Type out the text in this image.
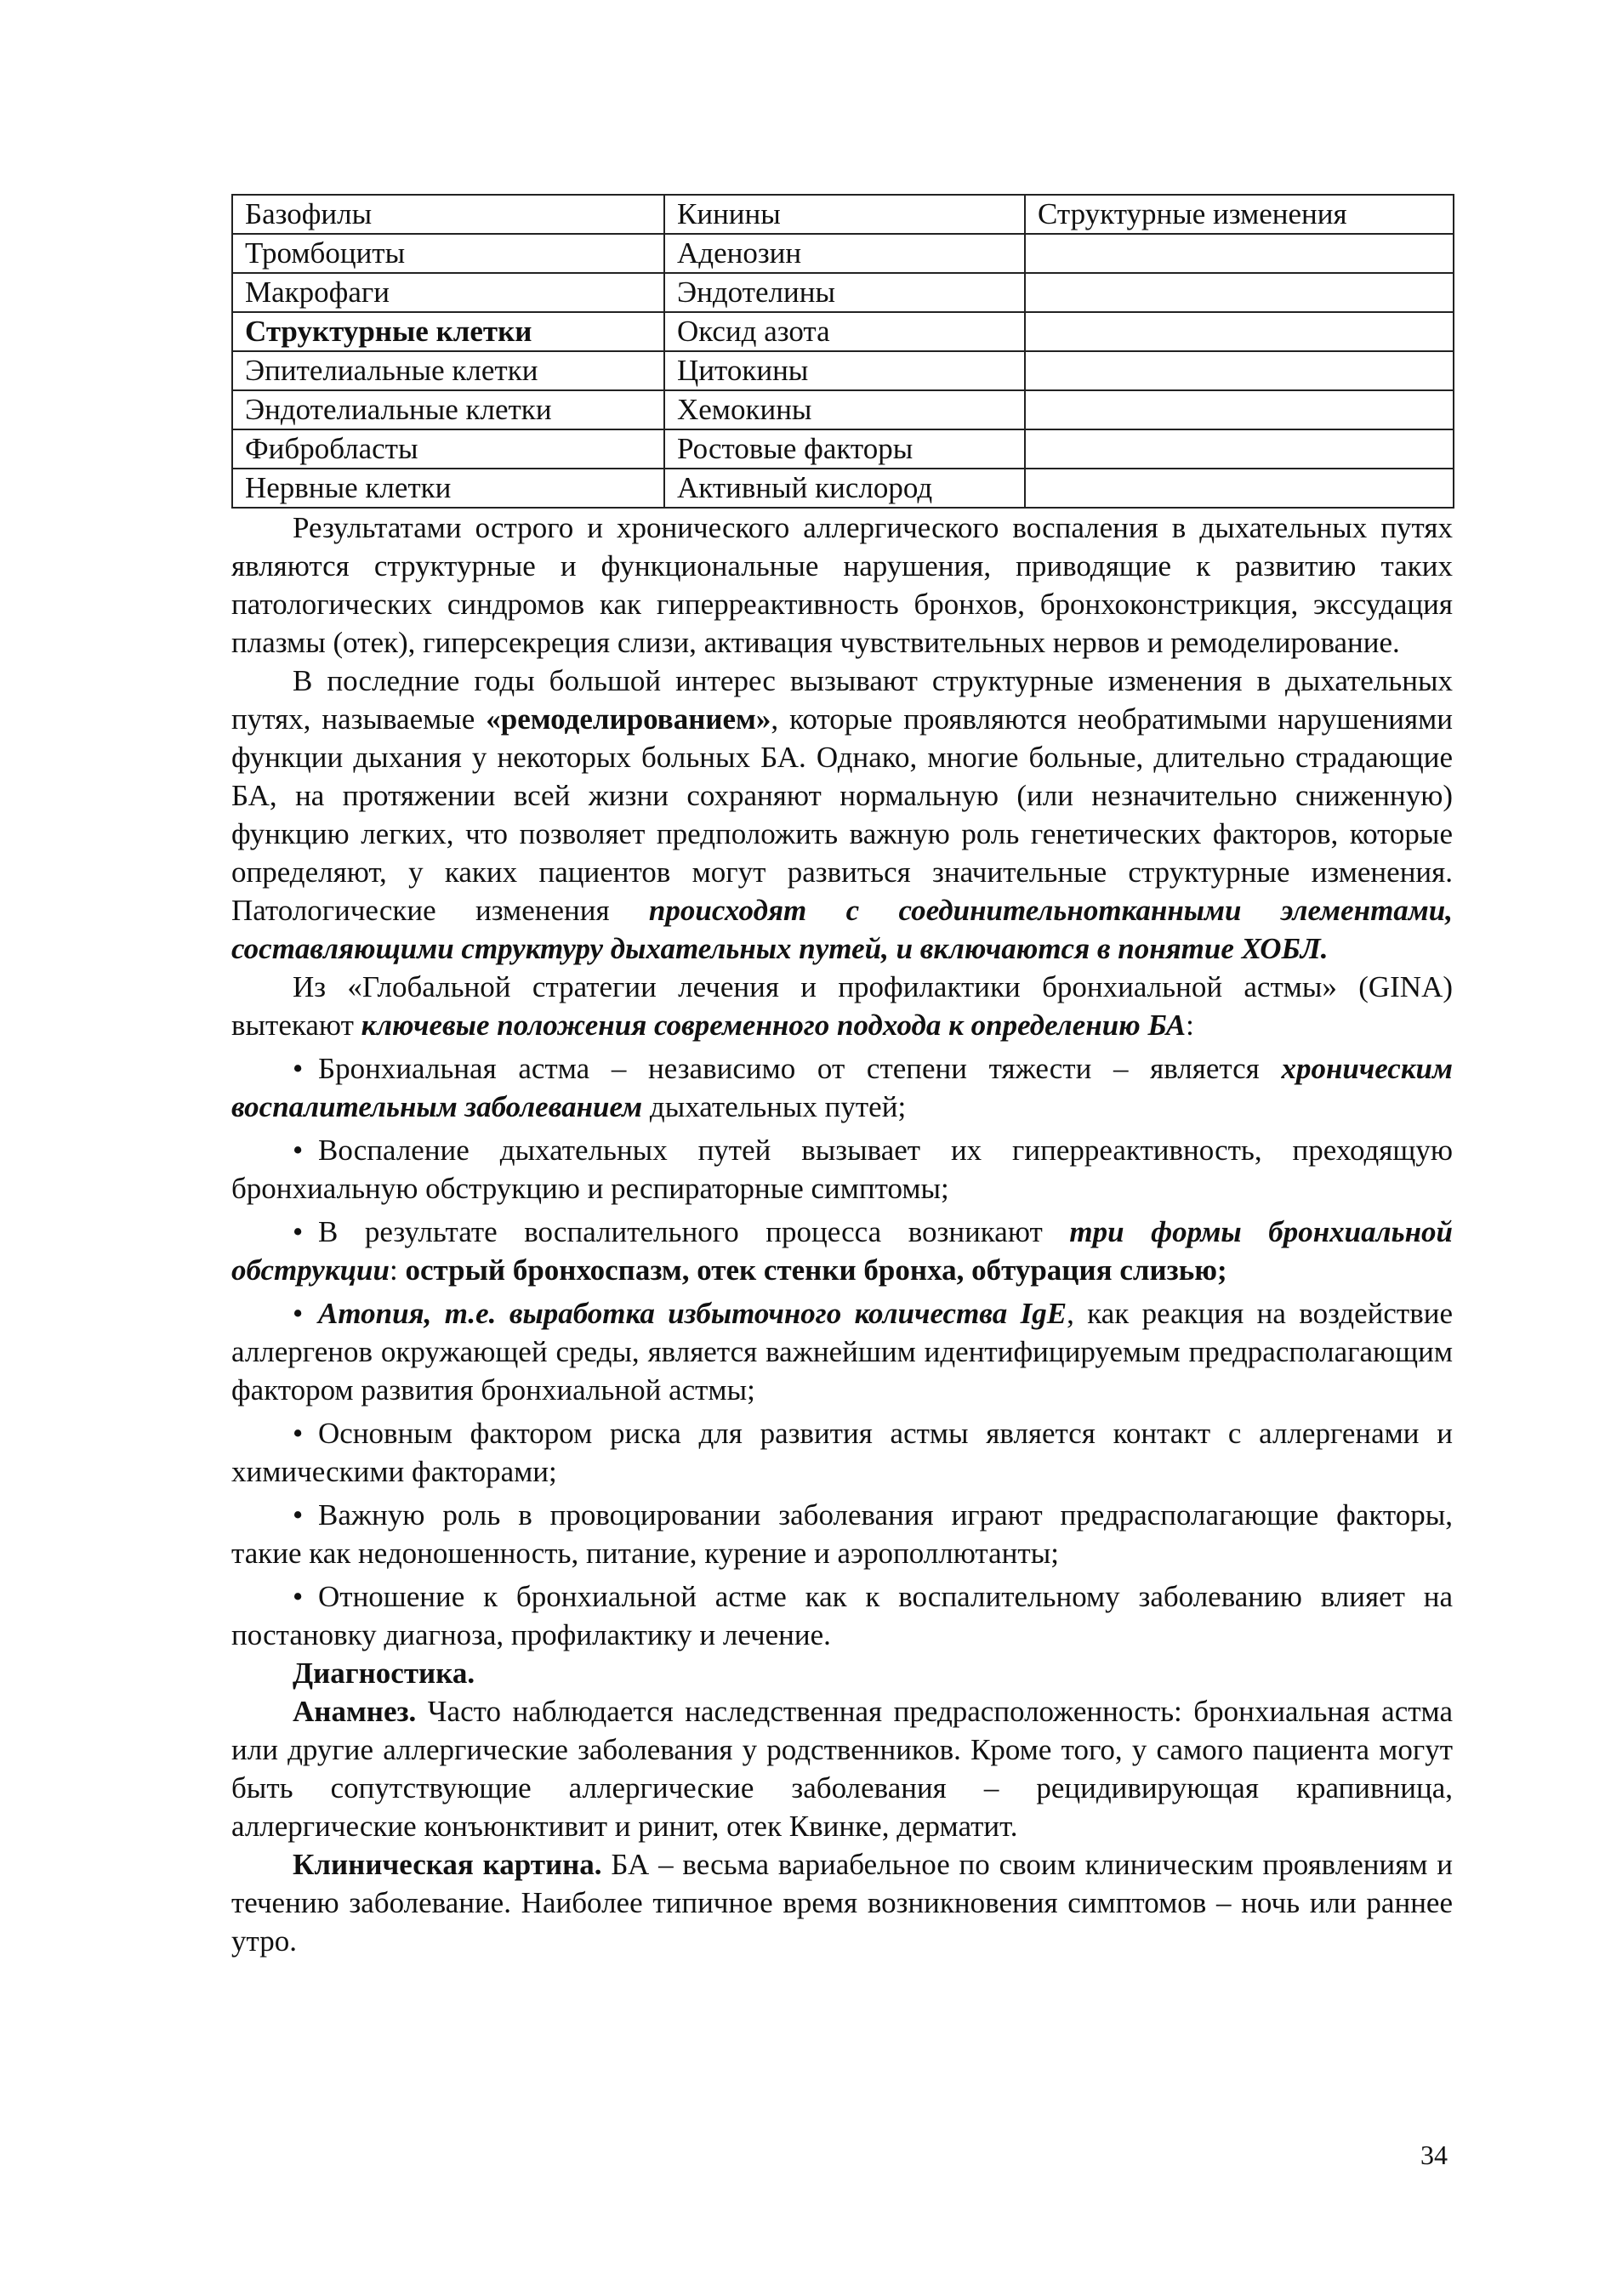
Базофилы	Кинины	Структурные изменения
Тромбоциты	Аденозин	
Макрофаги	Эндотелины	
Структурные клетки	Оксид азота	
Эпителиальные клетки	Цитокины	
Эндотелиальные клетки	Хемокины	
Фибробласты	Ростовые факторы	
Нервные клетки	Активный кислород	

Результатами острого и хронического аллергического воспаления в дыхательных путях являются структурные и функциональные нарушения, приводящие к развитию таких патологических синдромов как гиперреактивность бронхов, бронхоконстрикция, экссудация плазмы (отек), гиперсекреция слизи, активация чувствительных нервов и ремоделирование.

В последние годы большой интерес вызывают структурные изменения в дыхательных путях, называемые «ремоделированием», которые проявляются необратимыми нарушениями функции дыхания у некоторых больных БА. Однако, многие больные, длительно страдающие БА, на протяжении всей жизни сохраняют нормальную (или незначительно сниженную) функцию легких, что позволяет предположить важную роль генетических факторов, которые определяют, у каких пациентов могут развиться значительные структурные изменения. Патологические изменения происходят с соединительнотканными элементами, составляющими структуру дыхательных путей, и включаются в понятие ХОБЛ.

Из «Глобальной стратегии лечения и профилактики бронхиальной астмы» (GINA) вытекают ключевые положения современного подхода к определению БА:

• Бронхиальная астма – независимо от степени тяжести – является хроническим воспалительным заболеванием дыхательных путей;
• Воспаление дыхательных путей вызывает их гиперреактивность, преходящую бронхиальную обструкцию и респираторные симптомы;
• В результате воспалительного процесса возникают три формы бронхиальной обструкции: острый бронхоспазм, отек стенки бронха, обтурация слизью;
• Атопия, т.е. выработка избыточного количества IgE, как реакция на воздействие аллергенов окружающей среды, является важнейшим идентифицируемым предрасполагающим фактором развития бронхиальной астмы;
• Основным фактором риска для развития астмы является контакт с аллергенами и химическими факторами;
• Важную роль в провоцировании заболевания играют предрасполагающие факторы, такие как недоношенность, питание, курение и аэрополлютанты;
• Отношение к бронхиальной астме как к воспалительному заболеванию влияет на постановку диагноза, профилактику и лечение.

Диагностика.

Анамнез. Часто наблюдается наследственная предрасположенность: бронхиальная астма или другие аллергические заболевания у родственников. Кроме того, у самого пациента могут быть сопутствующие аллергические заболевания – рецидивирующая крапивница, аллергические конъюнктивит и ринит, отек Квинке, дерматит.

Клиническая картина. БА – весьма вариабельное по своим клиническим проявлениям и течению заболевание. Наиболее типичное время возникновения симптомов – ночь или раннее утро.

34
